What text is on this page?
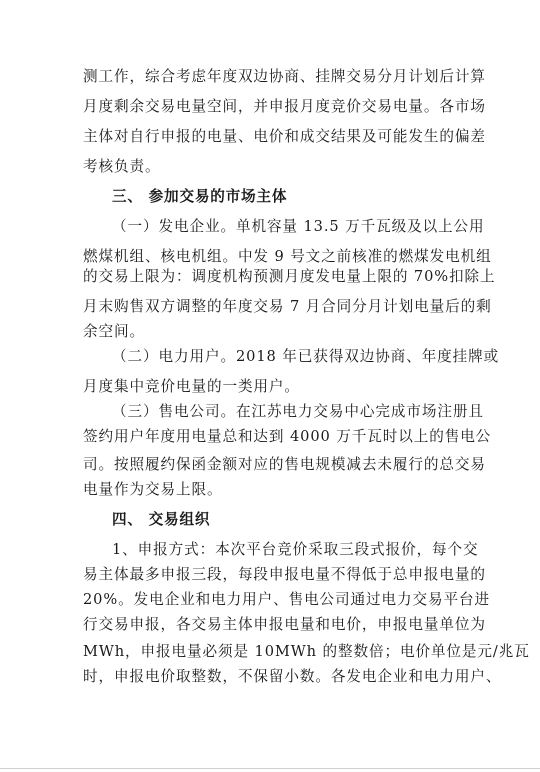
测工作，综合考虑年度双边协商、挂牌交易分月计划后计算
月度剩余交易电量空间，并申报月度竞价交易电量。各市场
主体对自行申报的电量、电价和成交结果及可能发生的偏差
考核负责。
三、 参加交易的市场主体
（一）发电企业。单机容量 13.5 万千瓦级及以上公用
燃煤机组、核电机组。中发 9 号文之前核准的燃煤发电机组
的交易上限为：调度机构预测月度发电量上限的 70%扣除上
月末购售双方调整的年度交易 7 月合同分月计划电量后的剩
余空间。
（二）电力用户。2018 年已获得双边协商、年度挂牌或
月度集中竞价电量的一类用户。
（三）售电公司。在江苏电力交易中心完成市场注册且
签约用户年度用电量总和达到 4000 万千瓦时以上的售电公
司。按照履约保函金额对应的售电规模减去未履行的总交易
电量作为交易上限。
四、 交易组织
1、申报方式：本次平台竞价采取三段式报价，每个交
易主体最多申报三段，每段申报电量不得低于总申报电量的
20%。发电企业和电力用户、售电公司通过电力交易平台进
行交易申报，各交易主体申报电量和电价，申报电量单位为
MWh，申报电量必须是 10MWh 的整数倍；电价单位是元/兆瓦
时，申报电价取整数，不保留小数。各发电企业和电力用户、
